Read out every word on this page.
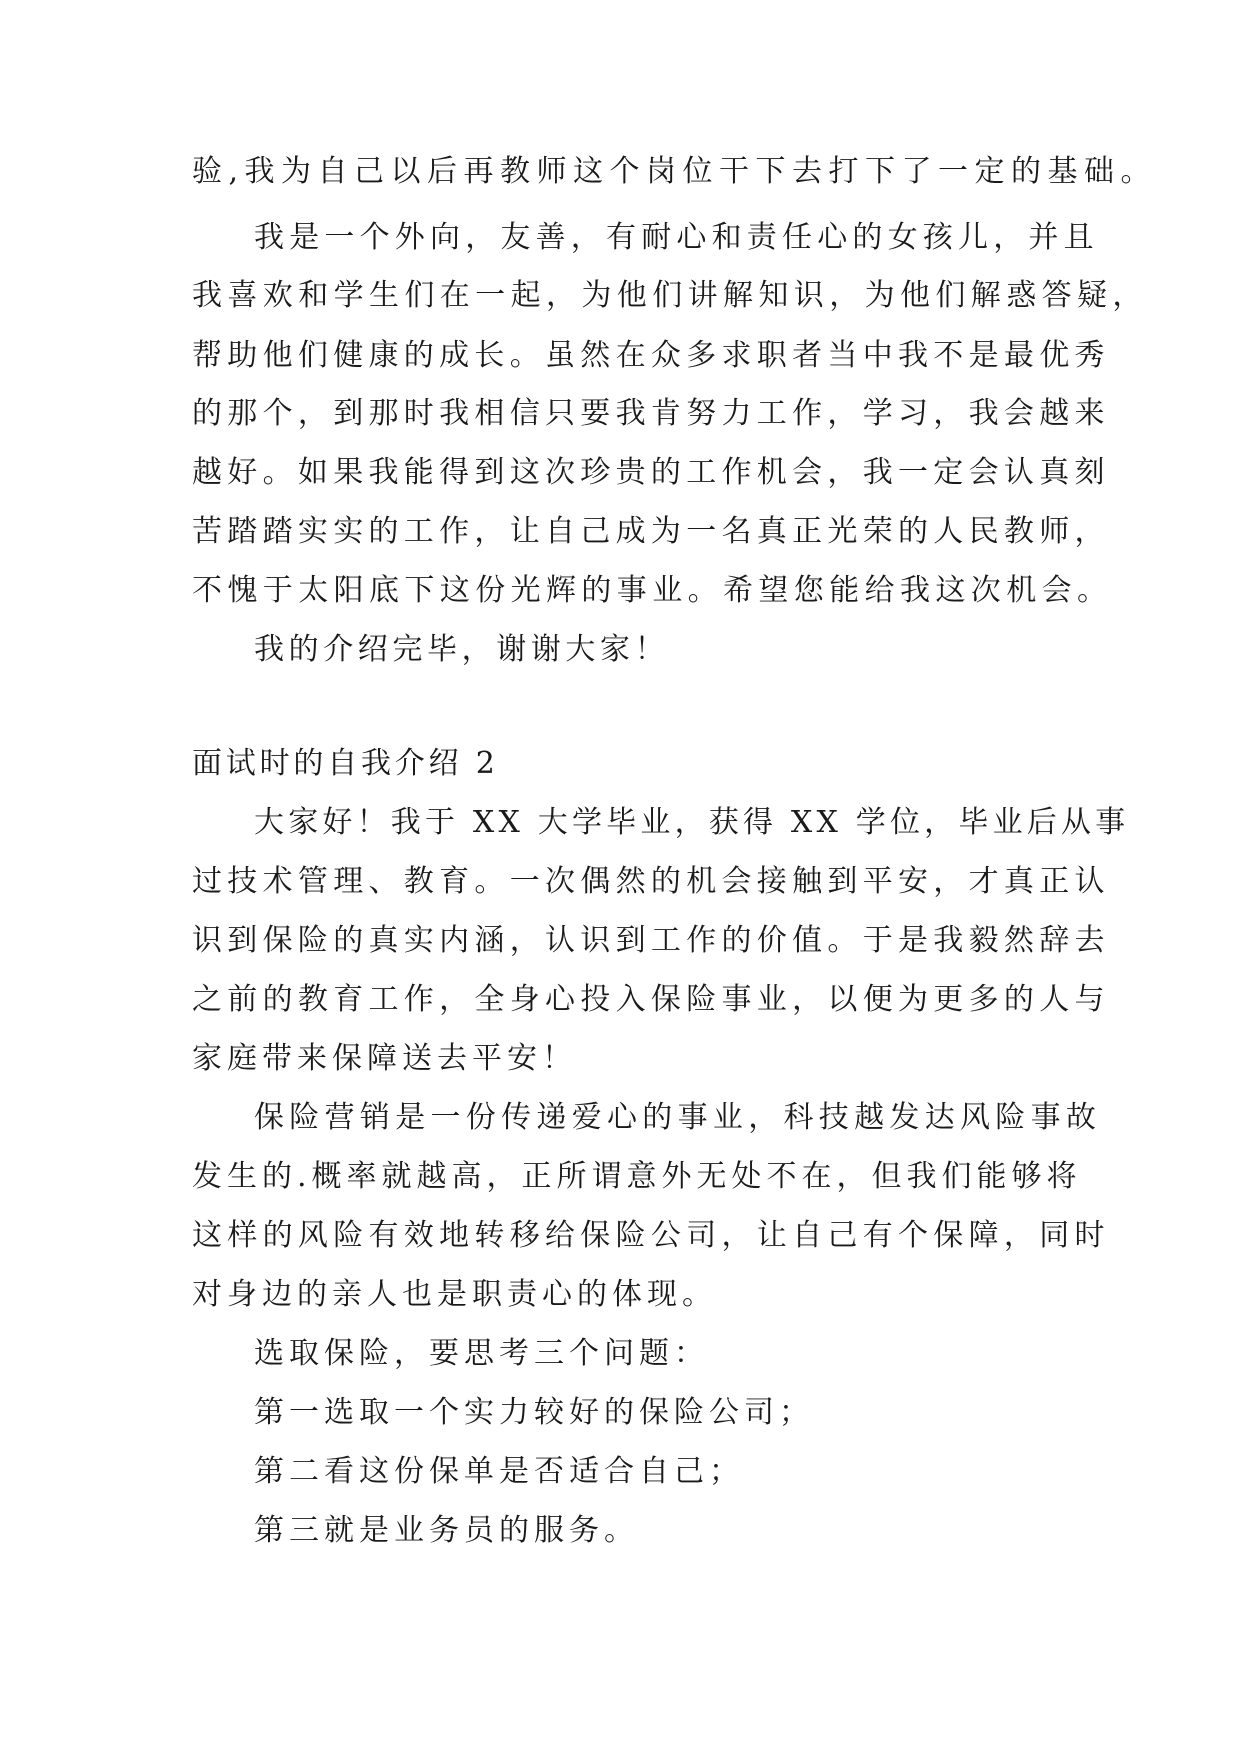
验,我为自己以后再教师这个岗位干下去打下了一定的基础。
我是一个外向，友善，有耐心和责任心的女孩儿，并且
我喜欢和学生们在一起，为他们讲解知识，为他们解惑答疑，
帮助他们健康的成长。虽然在众多求职者当中我不是最优秀
的那个，到那时我相信只要我肯努力工作，学习，我会越来
越好。如果我能得到这次珍贵的工作机会，我一定会认真刻
苦踏踏实实的工作，让自己成为一名真正光荣的人民教师，
不愧于太阳底下这份光辉的事业。希望您能给我这次机会。
我的介绍完毕，谢谢大家！
面试时的自我介绍 2
大家好！我于 XX 大学毕业，获得 XX 学位，毕业后从事
过技术管理、教育。一次偶然的机会接触到平安，才真正认
识到保险的真实内涵，认识到工作的价值。于是我毅然辞去
之前的教育工作，全身心投入保险事业，以便为更多的人与
家庭带来保障送去平安！
保险营销是一份传递爱心的事业，科技越发达风险事故
发生的.概率就越高，正所谓意外无处不在，但我们能够将
这样的风险有效地转移给保险公司，让自己有个保障，同时
对身边的亲人也是职责心的体现。
选取保险，要思考三个问题：
第一选取一个实力较好的保险公司；
第二看这份保单是否适合自己；
第三就是业务员的服务。
